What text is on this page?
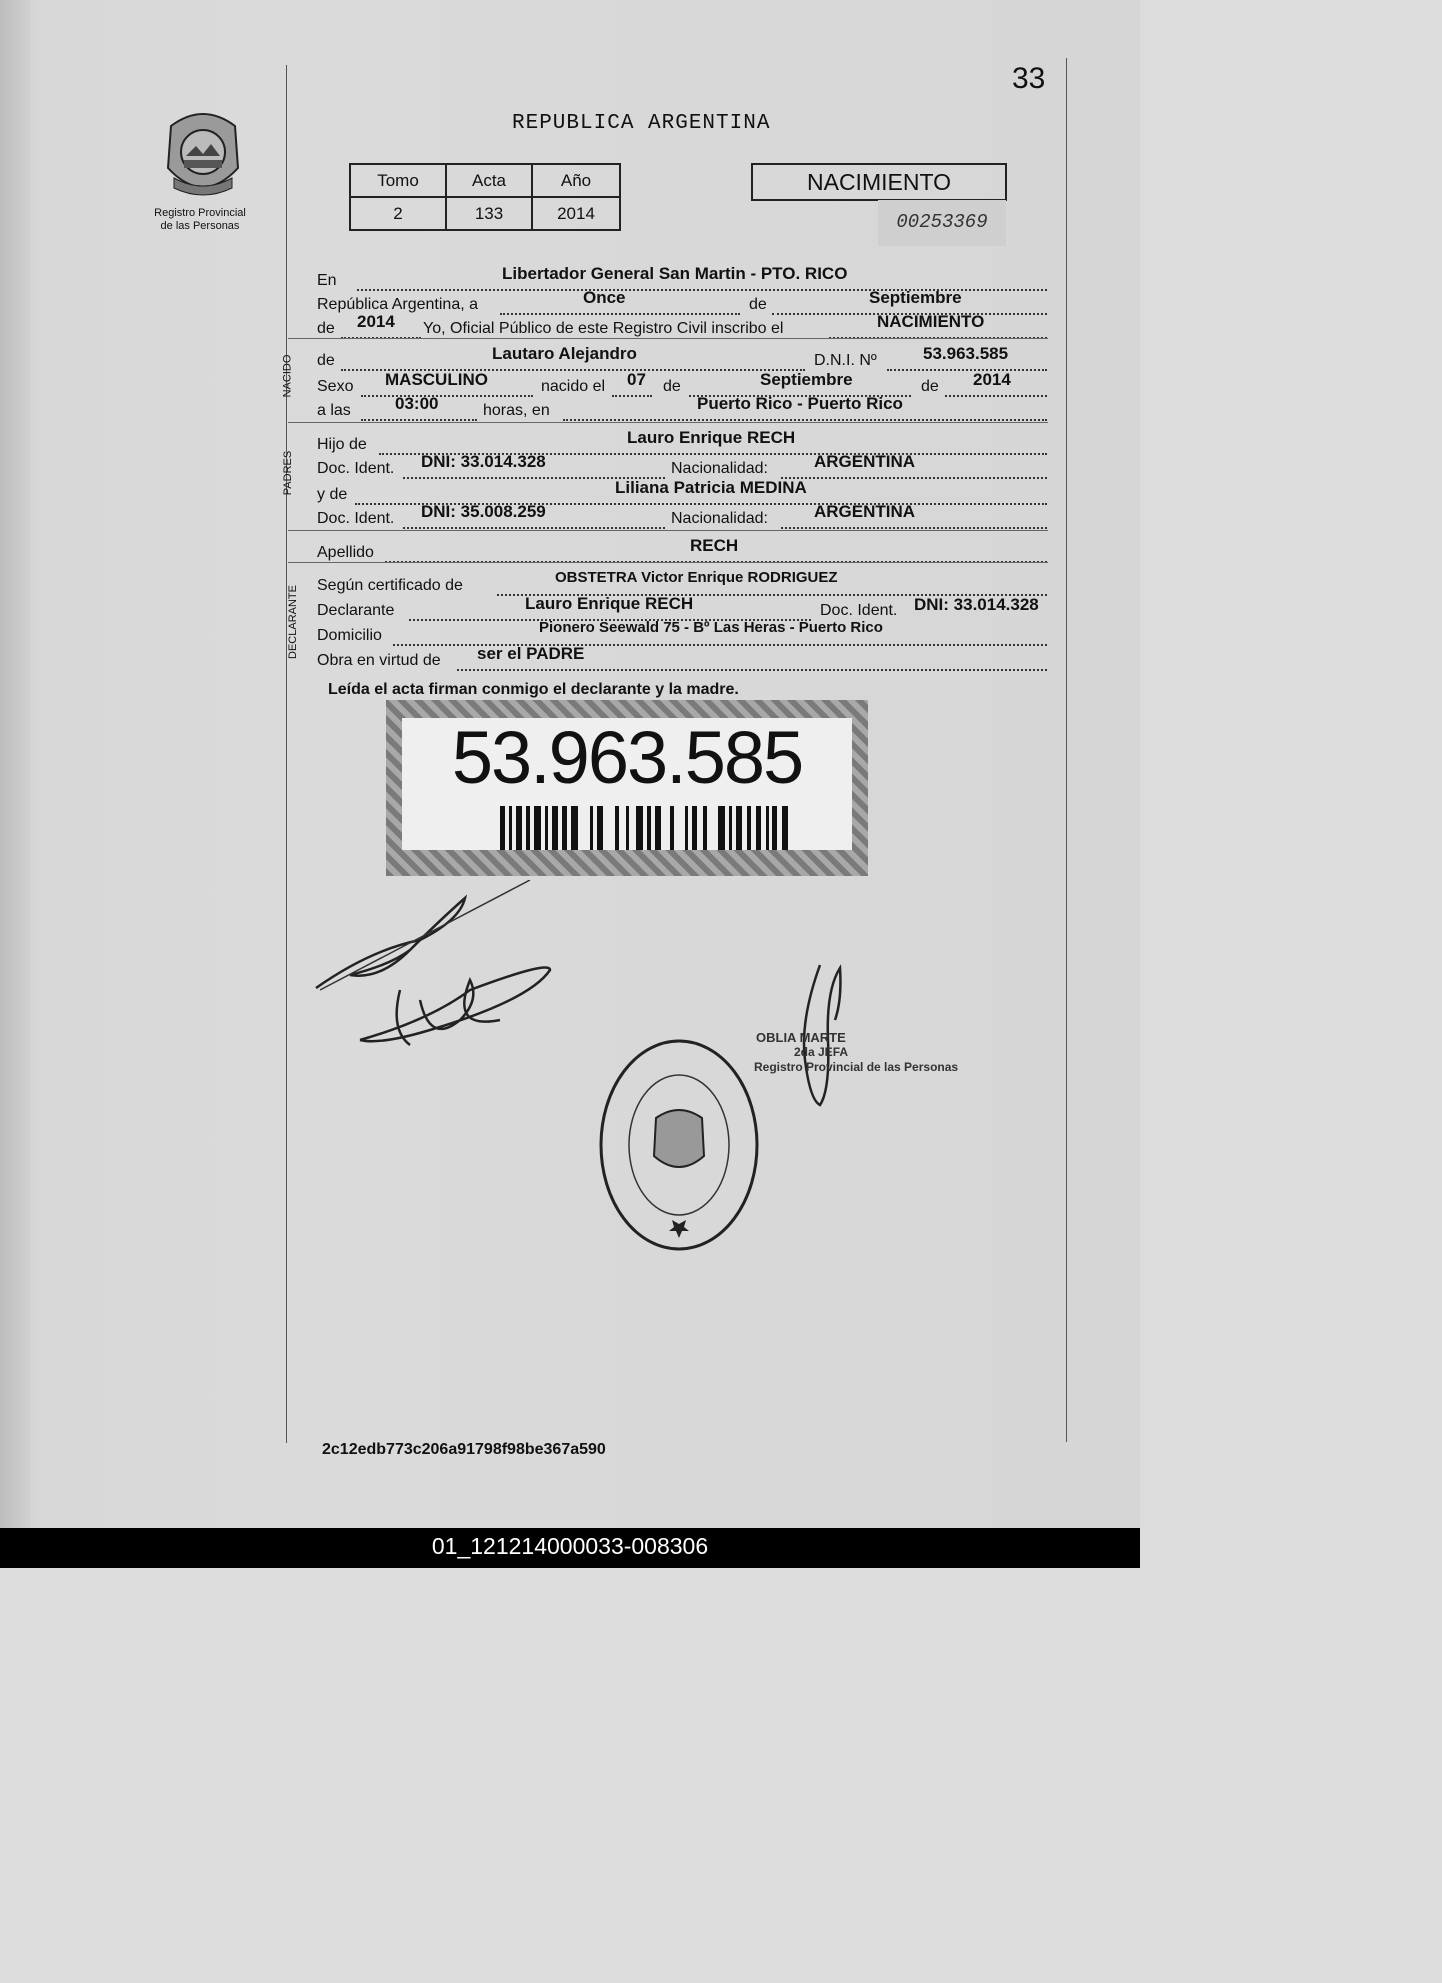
33
Registro Provincial
de las Personas
REPUBLICA ARGENTINA
Tomo	Acta	Año
2	133	2014
NACIMIENTO
00253369
En	Libertador General San Martin - PTO. RICO
República Argentina, a	Once	de	Septiembre
de 2014 Yo, Oficial Público de este Registro Civil inscribo el	NACIMIENTO
NACIDO de	Lautaro Alejandro	D.N.I. Nº	53.963.585
Sexo MASCULINO	nacido el 07 de	Septiembre	de 2014
a las	03:00	horas, en	Puerto Rico - Puerto Rico
PADRES
Hijo de	Lauro Enrique RECH
Doc. Ident. DNI: 33.014.328	Nacionalidad:	ARGENTINA
y de	Liliana Patricia MEDINA
Doc. Ident. DNI: 35.008.259	Nacionalidad:	ARGENTINA
Apellido	RECH
DECLARANTE Según certificado de	OBSTETRA Victor Enrique RODRIGUEZ
Declarante	Lauro Enrique RECH	Doc. Ident. DNI: 33.014.328
Domicilio	Pionero Seewald 75 - Bº Las Heras - Puerto Rico
Obra en virtud de ser el PADRE
Leída el acta firman conmigo el declarante y la madre.
53.963.585
OBLIA MARTE
2da JEFA
Registro Provincial de las Personas
2c12edb773c206a91798f98be367a590
01_121214000033-008306
